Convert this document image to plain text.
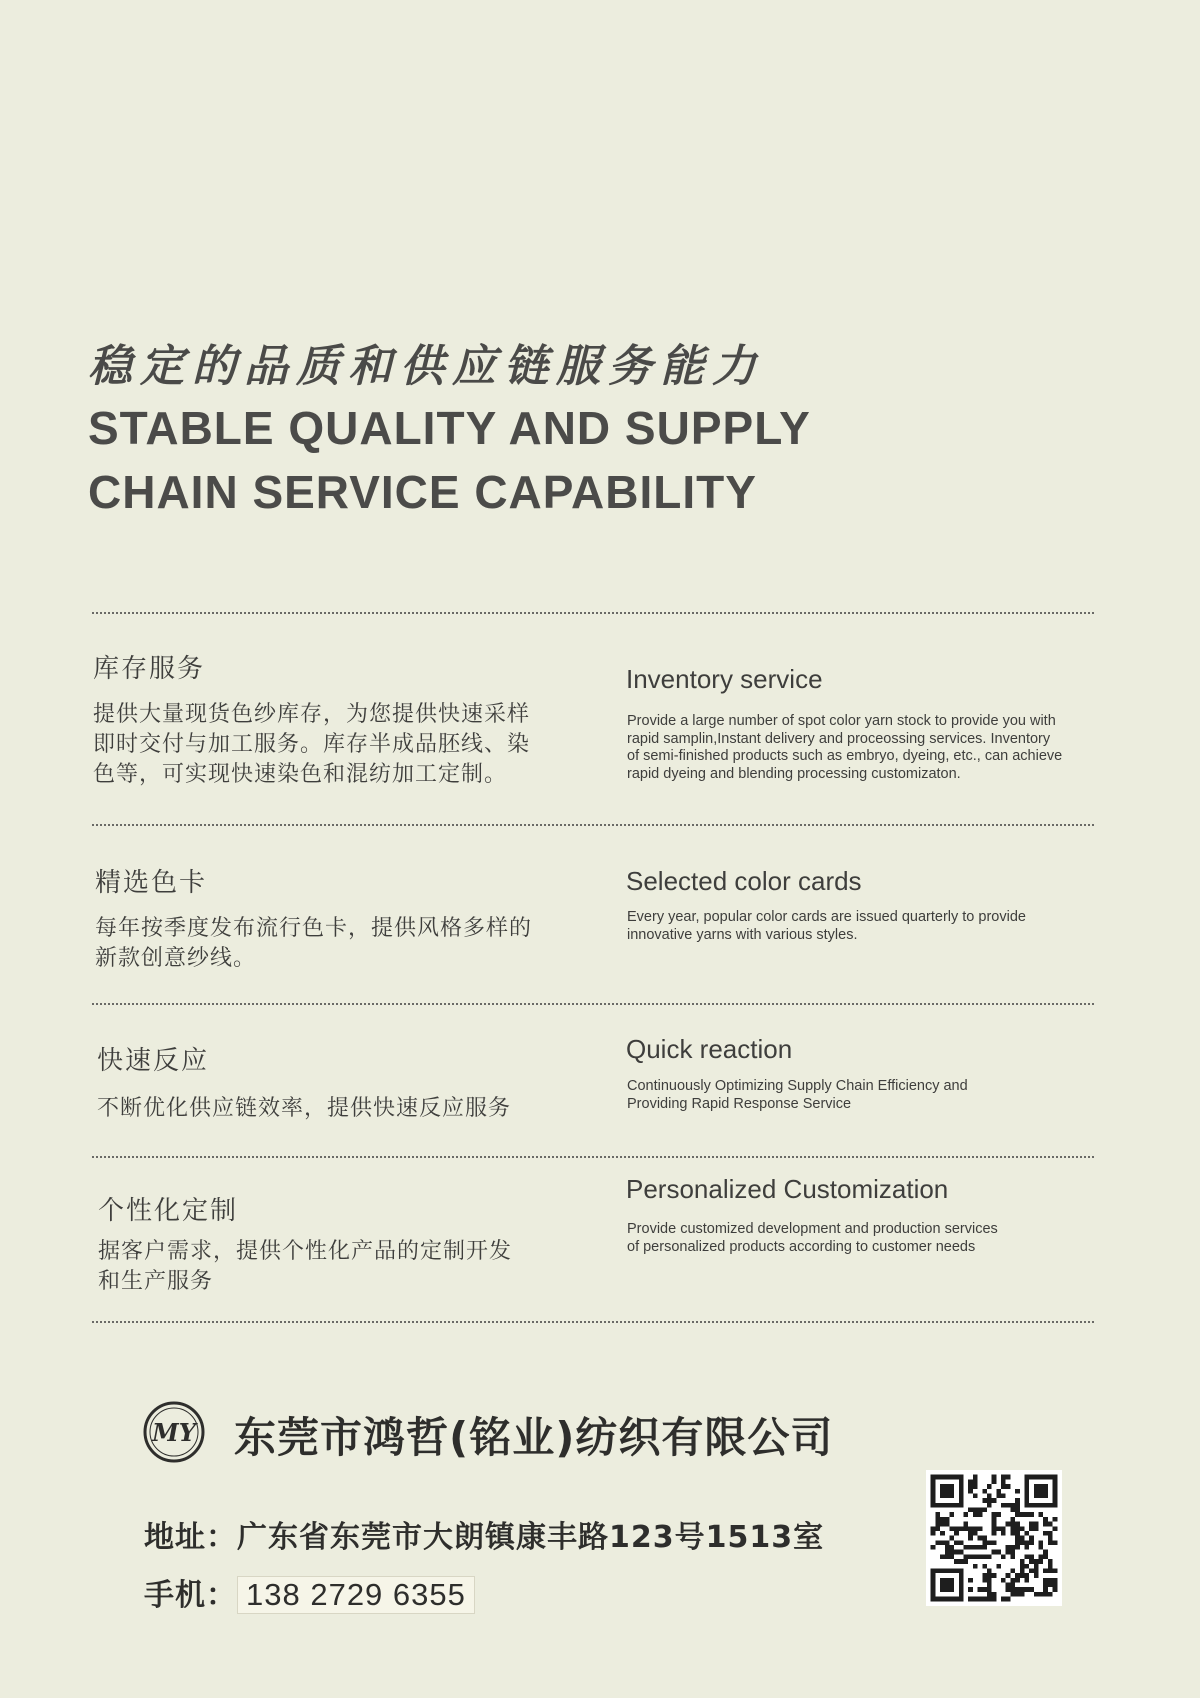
稳定的品质和供应链服务能力
STABLE QUALITY AND SUPPLY
CHAIN SERVICE CAPABILITY

库存服务

提供大量现货色纱库存，为您提供快速采样
即时交付与加工服务。库存半成品胚线、染
色等，可实现快速染色和混纺加工定制。

Inventory service

Provide a large number of spot color yarn stock to provide you with
rapid samplin,Instant delivery and proceossing services. Inventory
of semi-finished products such as embryo, dyeing, etc., can achieve
rapid dyeing and blending processing customizaton.

精选色卡

每年按季度发布流行色卡，提供风格多样的
新款创意纱线。

Selected color cards

Every year, popular color cards are issued quarterly to provide
innovative yarns with various styles.

快速反应

不断优化供应链效率，提供快速反应服务

Quick reaction

Continuously Optimizing Supply Chain Efficiency and
Providing Rapid Response Service

个性化定制

据客户需求，提供个性化产品的定制开发
和生产服务

Personalized Customization

Provide customized development and production services
of personalized products according to customer needs
MY 东莞市鸿哲(铭业)纺织有限公司

地址：广东省东莞市大朗镇康丰路123号1513室

手机： 138 2729 6355
